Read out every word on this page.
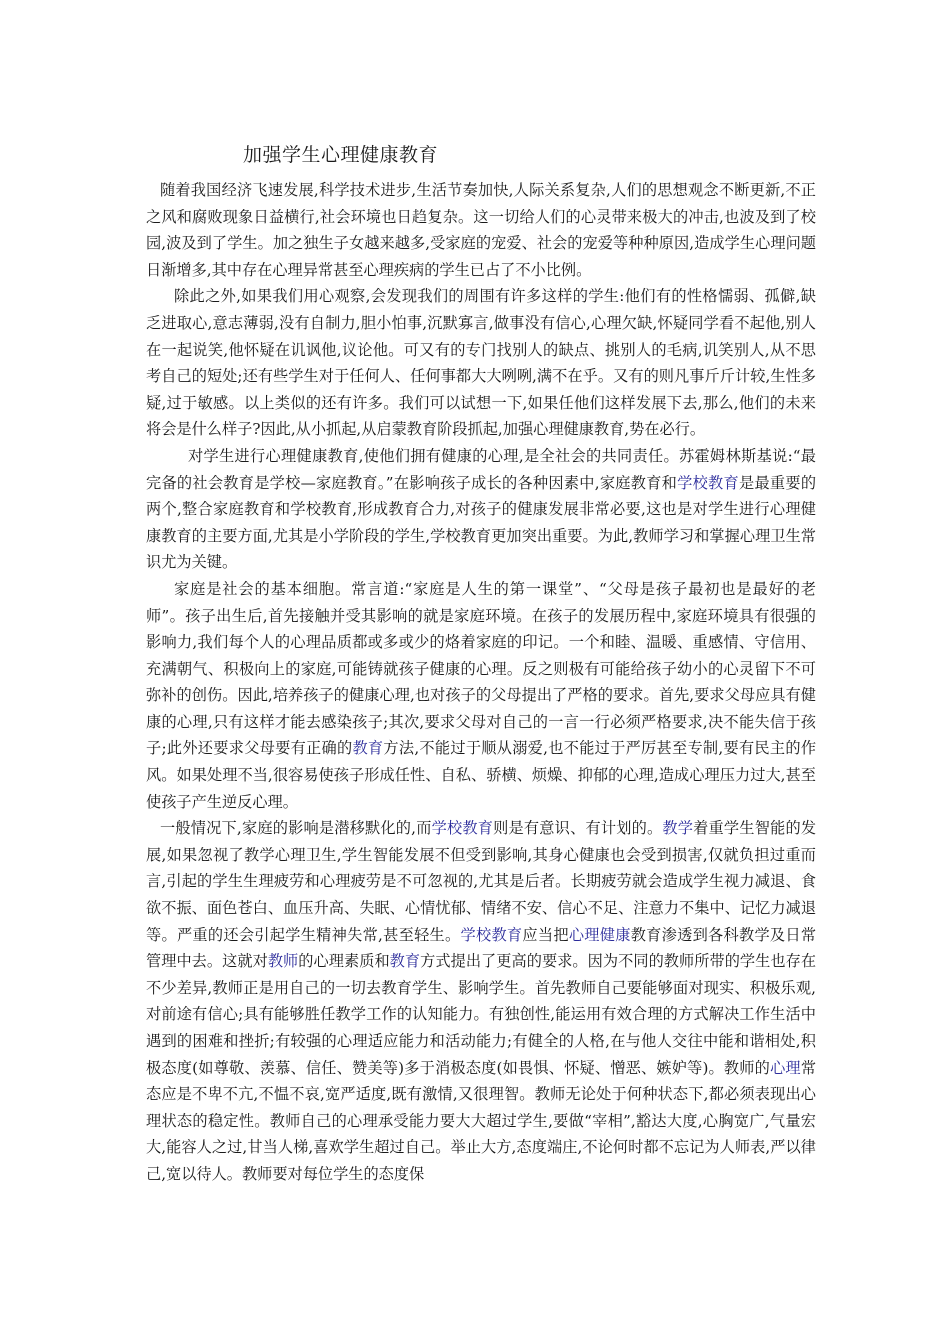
加强学生心理健康教育

随着我国经济飞速发展,科学技术进步,生活节奏加快,人际关系复杂,人们的思想观念不断更新,不正之风和腐败现象日益横行,社会环境也日趋复杂。这一切给人们的心灵带来极大的冲击,也波及到了校园,波及到了学生。加之独生子女越来越多,受家庭的宠爱、社会的宠爱等种种原因,造成学生心理问题日渐增多,其中存在心理异常甚至心理疾病的学生已占了不小比例。

除此之外,如果我们用心观察,会发现我们的周围有许多这样的学生:他们有的性格懦弱、孤僻,缺乏进取心,意志薄弱,没有自制力,胆小怕事,沉默寡言,做事没有信心,心理欠缺,怀疑同学看不起他,别人在一起说笑,他怀疑在讥讽他,议论他。可又有的专门找别人的缺点、挑别人的毛病,讥笑别人,从不思考自己的短处;还有些学生对于任何人、任何事都大大咧咧,满不在乎。又有的则凡事斤斤计较,生性多疑,过于敏感。以上类似的还有许多。我们可以试想一下,如果任他们这样发展下去,那么,他们的未来将会是什么样子?因此,从小抓起,从启蒙教育阶段抓起,加强心理健康教育,势在必行。

对学生进行心理健康教育,使他们拥有健康的心理,是全社会的共同责任。苏霍姆林斯基说:“最完备的社会教育是学校—家庭教育。”在影响孩子成长的各种因素中,家庭教育和学校教育是最重要的两个,整合家庭教育和学校教育,形成教育合力,对孩子的健康发展非常必要,这也是对学生进行心理健康教育的主要方面,尤其是小学阶段的学生,学校教育更加突出重要。为此,教师学习和掌握心理卫生常识尤为关键。

家庭是社会的基本细胞。常言道:“家庭是人生的第一课堂”、“父母是孩子最初也是最好的老师”。孩子出生后,首先接触并受其影响的就是家庭环境。在孩子的发展历程中,家庭环境具有很强的影响力,我们每个人的心理品质都或多或少的烙着家庭的印记。一个和睦、温暖、重感情、守信用、充满朝气、积极向上的家庭,可能铸就孩子健康的心理。反之则极有可能给孩子幼小的心灵留下不可弥补的创伤。因此,培养孩子的健康心理,也对孩子的父母提出了严格的要求。首先,要求父母应具有健康的心理,只有这样才能去感染孩子;其次,要求父母对自己的一言一行必须严格要求,决不能失信于孩子;此外还要求父母要有正确的教育方法,不能过于顺从溺爱,也不能过于严厉甚至专制,要有民主的作风。如果处理不当,很容易使孩子形成任性、自私、骄横、烦燥、抑郁的心理,造成心理压力过大,甚至使孩子产生逆反心理。

一般情况下,家庭的影响是潜移默化的,而学校教育则是有意识、有计划的。教学着重学生智能的发展,如果忽视了教学心理卫生,学生智能发展不但受到影响,其身心健康也会受到损害,仅就负担过重而言,引起的学生生理疲劳和心理疲劳是不可忽视的,尤其是后者。长期疲劳就会造成学生视力减退、食欲不振、面色苍白、血压升高、失眠、心情忧郁、情绪不安、信心不足、注意力不集中、记忆力减退等。严重的还会引起学生精神失常,甚至轻生。学校教育应当把心理健康教育渗透到各科教学及日常管理中去。这就对教师的心理素质和教育方式提出了更高的要求。因为不同的教师所带的学生也存在不少差异,教师正是用自己的一切去教育学生、影响学生。首先教师自己要能够面对现实、积极乐观,对前途有信心;具有能够胜任教学工作的认知能力。有独创性,能运用有效合理的方式解决工作生活中遇到的困难和挫折;有较强的心理适应能力和活动能力;有健全的人格,在与他人交往中能和谐相处,积极态度(如尊敬、羡慕、信任、赞美等)多于消极态度(如畏惧、怀疑、憎恶、嫉妒等)。教师的心理常态应是不卑不亢,不愠不哀,宽严适度,既有激情,又很理智。教师无论处于何种状态下,都必须表现出心理状态的稳定性。教师自己的心理承受能力要大大超过学生,要做“宰相”,豁达大度,心胸宽广,气量宏大,能容人之过,甘当人梯,喜欢学生超过自己。举止大方,态度端庄,不论何时都不忘记为人师表,严以律己,宽以待人。教师要对每位学生的态度保
